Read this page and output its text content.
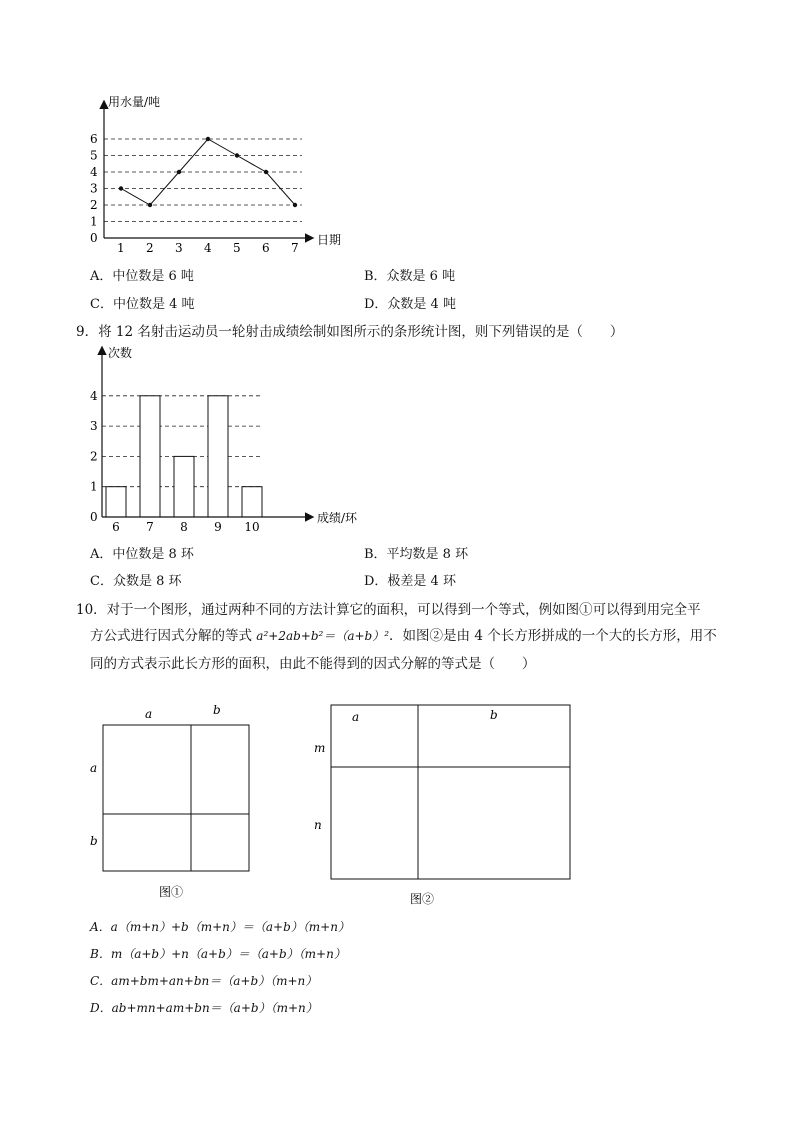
用水量/吨
日期
0
1
2
3
4
5
6
1 2 3 4 5 6 7
A．中位数是 6 吨	B．众数是 6 吨
C．中位数是 4 吨	D．众数是 4 吨
9．将 12 名射击运动员一轮射击成绩绘制如图所示的条形统计图，则下列错误的是（　　）
次数
成绩/环
0
1
2
3
4
6 7 8 9 10
A．中位数是 8 环	B．平均数是 8 环
C．众数是 8 环	D．极差是 4 环
10．对于一个图形，通过两种不同的方法计算它的面积，可以得到一个等式，例如图①可以得到用完全平
方公式进行因式分解的等式 a²+2ab+b²＝（a+b）²．如图②是由 4 个长方形拼成的一个大的长方形，用不
同的方式表示此长方形的面积，由此不能得到的因式分解的等式是（　　）
a	b
a
b
图①
a	b
m
n
图②
A．a（m+n）+b（m+n）＝（a+b）（m+n）
B．m（a+b）+n（a+b）＝（a+b）（m+n）
C．am+bm+an+bn＝（a+b）（m+n）
D．ab+mn+am+bn＝（a+b）（m+n）
